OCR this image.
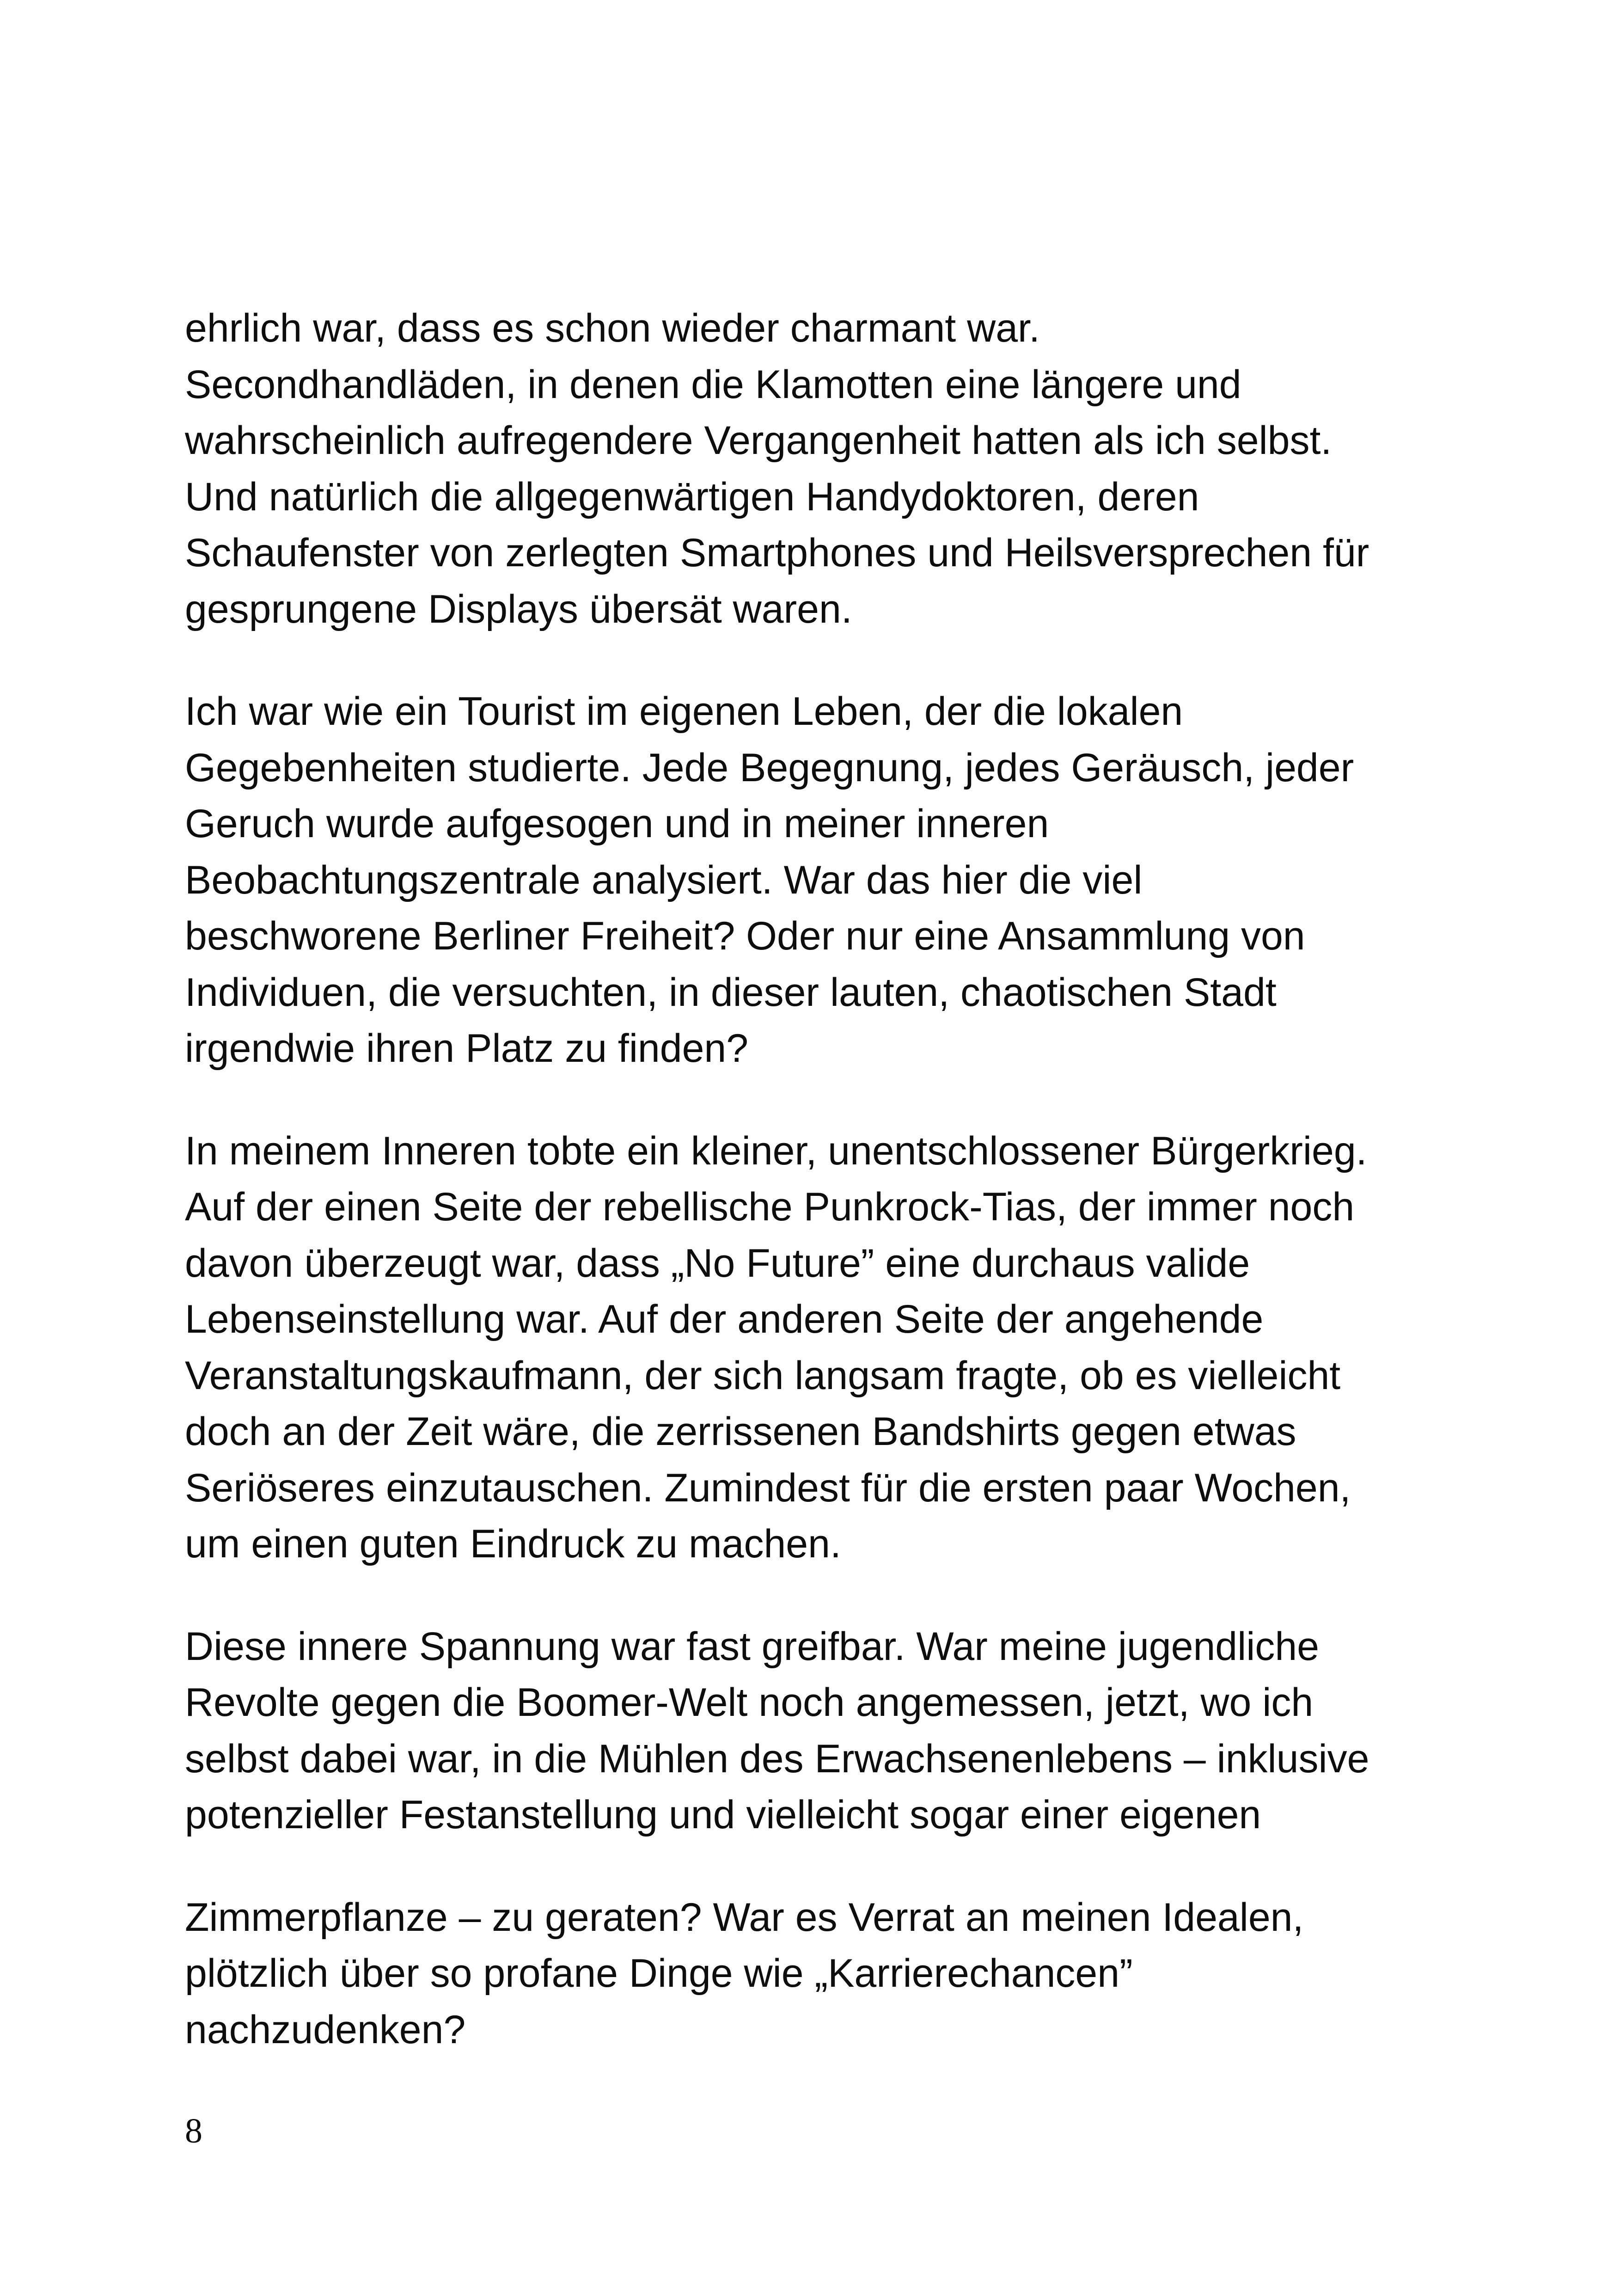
ehrlich war, dass es schon wieder charmant war.
Secondhandläden, in denen die Klamotten eine längere und
wahrscheinlich aufregendere Vergangenheit hatten als ich selbst.
Und natürlich die allgegenwärtigen Handydoktoren, deren
Schaufenster von zerlegten Smartphones und Heilsversprechen für
gesprungene Displays übersät waren.

Ich war wie ein Tourist im eigenen Leben, der die lokalen
Gegebenheiten studierte. Jede Begegnung, jedes Geräusch, jeder
Geruch wurde aufgesogen und in meiner inneren
Beobachtungszentrale analysiert. War das hier die viel
beschworene Berliner Freiheit? Oder nur eine Ansammlung von
Individuen, die versuchten, in dieser lauten, chaotischen Stadt
irgendwie ihren Platz zu finden?

In meinem Inneren tobte ein kleiner, unentschlossener Bürgerkrieg.
Auf der einen Seite der rebellische Punkrock-Tias, der immer noch
davon überzeugt war, dass „No Future” eine durchaus valide
Lebenseinstellung war. Auf der anderen Seite der angehende
Veranstaltungskaufmann, der sich langsam fragte, ob es vielleicht
doch an der Zeit wäre, die zerrissenen Bandshirts gegen etwas
Seriöseres einzutauschen. Zumindest für die ersten paar Wochen,
um einen guten Eindruck zu machen.

Diese innere Spannung war fast greifbar. War meine jugendliche
Revolte gegen die Boomer-Welt noch angemessen, jetzt, wo ich
selbst dabei war, in die Mühlen des Erwachsenenlebens – inklusive
potenzieller Festanstellung und vielleicht sogar einer eigenen

Zimmerpflanze – zu geraten? War es Verrat an meinen Idealen,
plötzlich über so profane Dinge wie „Karrierechancen”
nachzudenken?

8
